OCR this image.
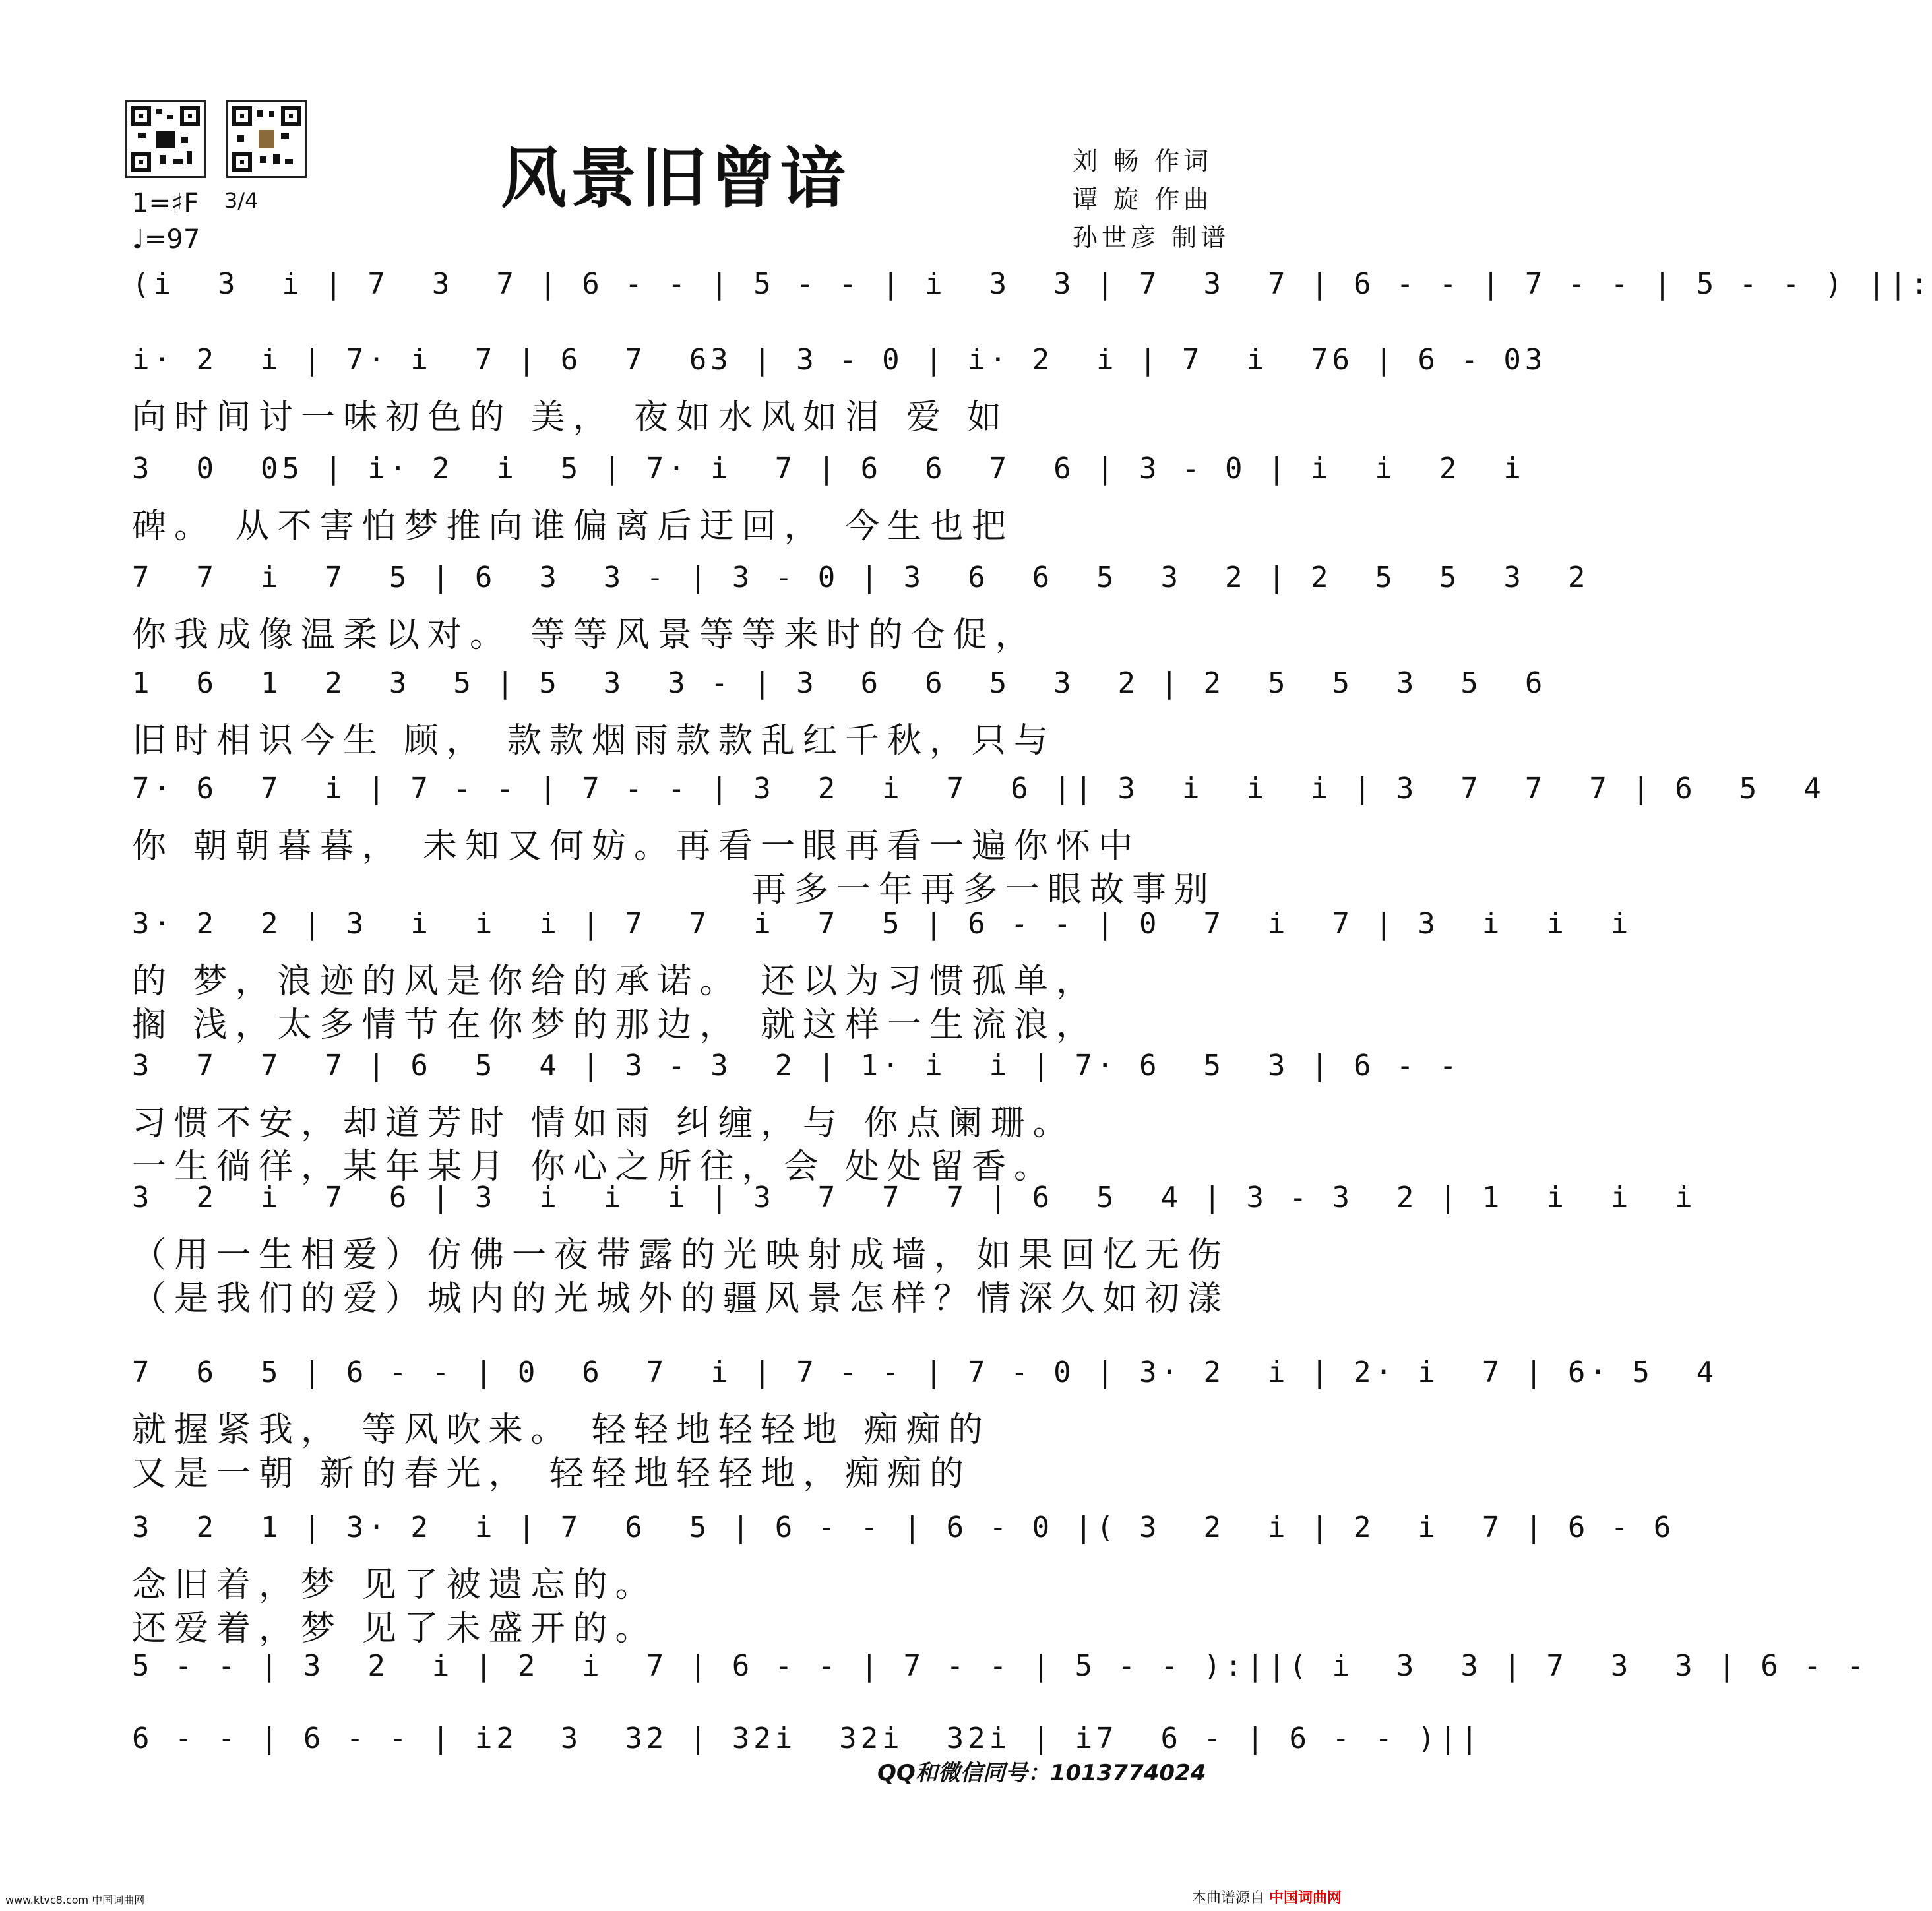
风景旧曾谙	刘 畅 作词
谭 旋 作曲
孙世彦 制谱
1=♯F 3/4
♩=97
(i  3  i | 7  3  7 | 6 - - | 5 - - | i  3  3 | 7  3  7 | 6 - - | 7 - - | 5 - - ) ||:
i· 2  i | 7· i  7 | 6  7  63 | 3 - 0 | i· 2  i | 7  i  76 | 6 - 03
向时间讨一味初色的 美， 夜如水风如泪 爱 如
3  0  05 | i· 2  i  5 | 7· i  7 | 6  6  7  6 | 3 - 0 | i  i  2  i
碑。 从不害怕梦推向谁偏离后迂回， 今生也把
7  7  i  7  5 | 6  3  3 - | 3 - 0 | 3  6  6  5  3  2 | 2  5  5  3  2
你我成像温柔以对。 等等风景等等来时的仓促，
1  6  1  2  3  5 | 5  3  3 - | 3  6  6  5  3  2 | 2  5  5  3  5  6
旧时相识今生 顾， 款款烟雨款款乱红千秋，只与
7· 6  7  i | 7 - - | 7 - - | 3  2  i  7  6 || 3  i  i  i | 3  7  7  7 | 6  5  4
你 朝朝暮暮， 未知又何妨。再看一眼再看一遍你怀中
再多一年再多一眼故事别
3· 2  2 | 3  i  i  i | 7  7  i  7  5 | 6 - - | 0  7  i  7 | 3  i  i  i
的 梦，浪迹的风是你给的承诺。 还以为习惯孤单，
搁 浅，太多情节在你梦的那边， 就这样一生流浪，
3  7  7  7 | 6  5  4 | 3 - 3  2 | 1· i  i | 7· 6  5  3 | 6 - -
习惯不安，却道芳时 情如雨 纠缠，与 你点阑珊。
一生徜徉，某年某月 你心之所往，会 处处留香。
3  2  i  7  6 | 3  i  i  i | 3  7  7  7 | 6  5  4 | 3 - 3  2 | 1  i  i  i
（用一生相爱）仿佛一夜带露的光映射成墙，如果回忆无伤
（是我们的爱）城内的光城外的疆风景怎样？情深久如初漾
7  6  5 | 6 - - | 0  6  7  i | 7 - - | 7 - 0 | 3· 2  i | 2· i  7 | 6· 5  4
就握紧我， 等风吹来。 轻轻地轻轻地 痴痴的
又是一朝 新的春光， 轻轻地轻轻地，痴痴的
3  2  1 | 3· 2  i | 7  6  5 | 6 - - | 6 - 0 |( 3  2  i | 2  i  7 | 6 - 6
念旧着，梦 见了被遗忘的。
还爱着，梦 见了未盛开的。
5 - - | 3  2  i | 2  i  7 | 6 - - | 7 - - | 5 - - ):||( i  3  3 | 7  3  3 | 6 - -
6 - - | 6 - - | i2  3  32 | 32i  32i  32i | i7  6 - | 6 - - )||
QQ和微信同号：1013774024
www.ktvc8.com 中国词曲网	本曲谱源自 中国词曲网
